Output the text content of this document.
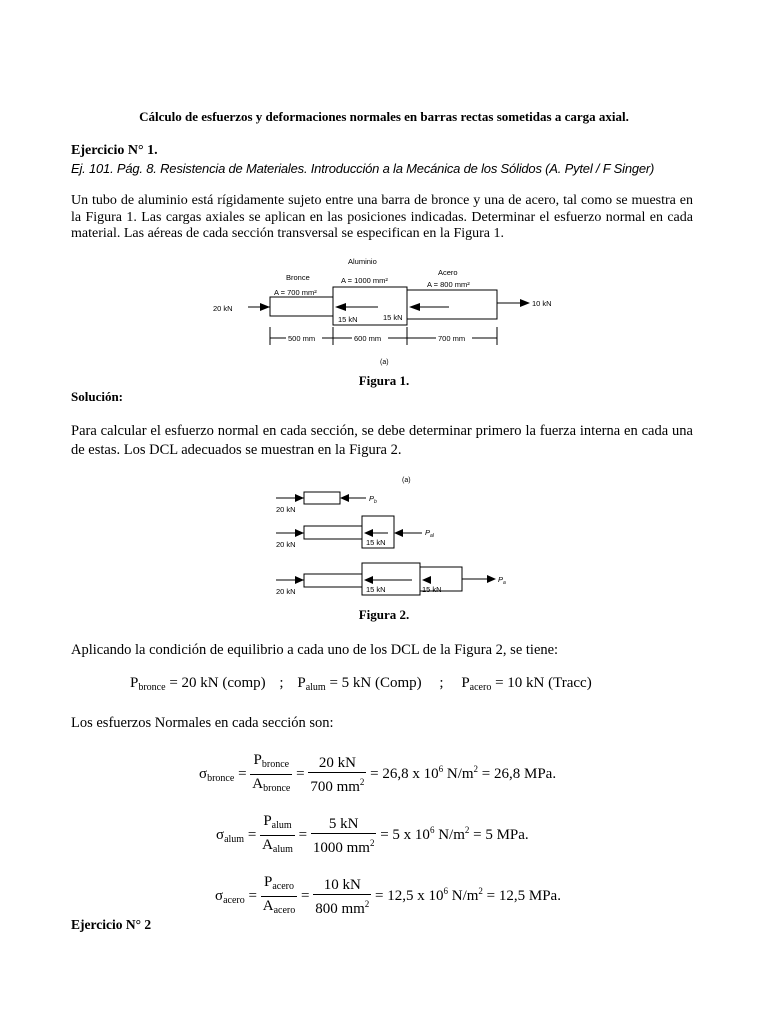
Cálculo de esfuerzos y deformaciones normales en barras rectas sometidas a carga axial.
Ejercicio N° 1.
Ej. 101. Pág. 8. Resistencia de Materiales. Introducción a la Mecánica de los Sólidos (A. Pytel / F Singer)
Un tubo de aluminio está rígidamente sujeto entre una barra de bronce y una de acero, tal como se muestra en la Figura 1. Las cargas axiales se aplican en las posiciones indicadas. Determinar el esfuerzo normal en cada material. Las aéreas de cada sección transversal se especifican en la Figura 1.
Bronce
Aluminio
Acero
A = 700 mm²
A = 1000 mm²	A = 800 mm²
20 kN
10 kN
15 kN	15 kN
500 mm	600 mm	700 mm
(a)
Figura 1.
Solución:
Para calcular el esfuerzo normal en cada sección, se debe determinar primero la fuerza interna en cada una de estas. Los DCL adecuados se muestran en la Figura 2.
(a)
20 kN
$P_b$
20 kN	15 kN
$P_{al}$
20 kN	15 kN	15 kN
$P_a$
Figura 2.
Aplicando la condición de equilibrio a cada uno de los DCL de la Figura 2, se tiene:
$P_{bronce} = 20$ kN (comp) ; $P_{alum} = 5$ kN (Comp) ; $P_{acero} = 10$ kN (Tracc)
Los esfuerzos Normales en cada sección son:
$\sigma_{bronce} = \frac{P_{bronce}}{A_{bronce}} = \frac{20 kN}{700 mm^2} = 26,8$ x $10^6$ $N/m^2 = 26,8$ MPa.
$\sigma_{alum} = \frac{P_{alum}}{A_{alum}} = \frac{5 kN}{1000 mm^2} = 5$ x $10^6$ $N/m^2 = 5$ MPa.
$\sigma_{acero} = \frac{P_{acero}}{A_{acero}} = \frac{10 kN}{800 mm^2} = 12,5$ x $10^6$ $N/m^2 = 12,5$ MPa.
Ejercicio N° 2
